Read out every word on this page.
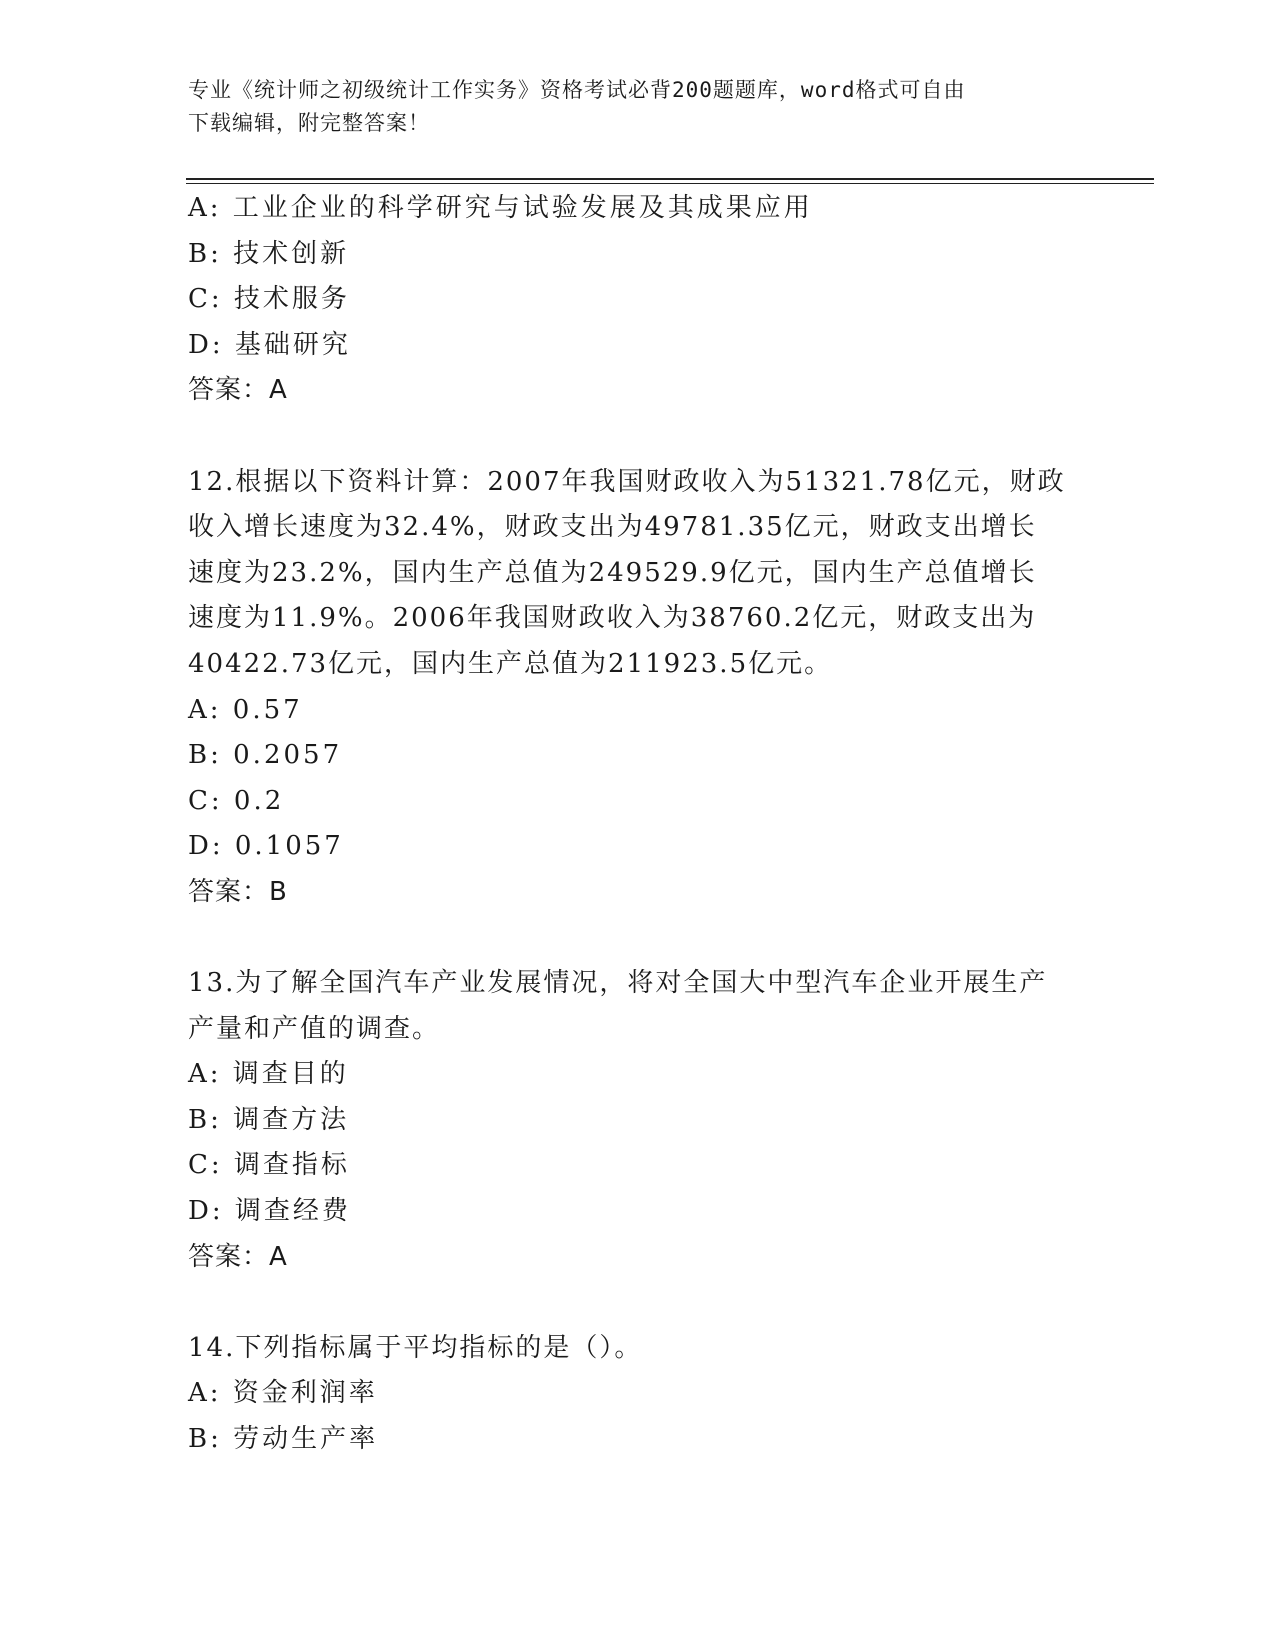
专业《统计师之初级统计工作实务》资格考试必背200题题库，word格式可自由
下载编辑，附完整答案！
A: 工业企业的科学研究与试验发展及其成果应用
B: 技术创新
C: 技术服务
D: 基础研究
答案：A
12.根据以下资料计算：2007年我国财政收入为51321.78亿元，财政
收入增长速度为32.4%，财政支出为49781.35亿元，财政支出增长
速度为23.2%，国内生产总值为249529.9亿元，国内生产总值增长
速度为11.9%。2006年我国财政收入为38760.2亿元，财政支出为
40422.73亿元，国内生产总值为211923.5亿元。
A: 0.57
B: 0.2057
C: 0.2
D: 0.1057
答案：B
13.为了解全国汽车产业发展情况，将对全国大中型汽车企业开展生产
产量和产值的调查。
A: 调查目的
B: 调查方法
C: 调查指标
D: 调查经费
答案：A
14.下列指标属于平均指标的是（）。
A: 资金利润率
B: 劳动生产率
